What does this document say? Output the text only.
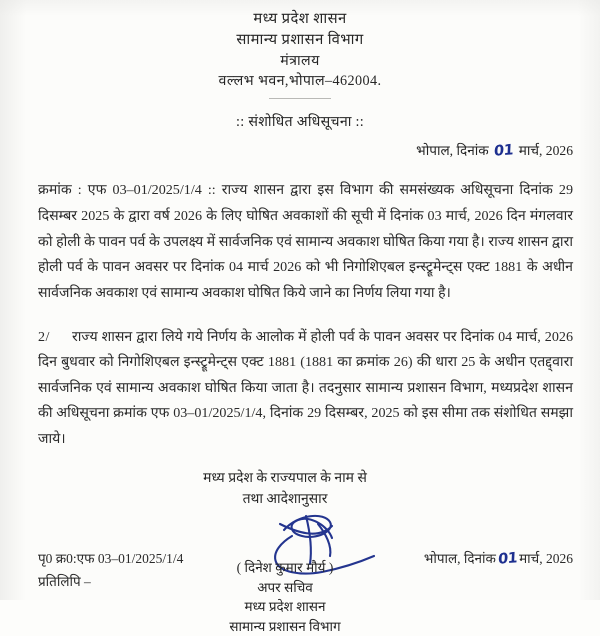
मध्य प्रदेश शासन
सामान्य प्रशासन विभाग
मंत्रालय
वल्लभ भवन,भोपाल–462004.
:: संशोधित अधिसूचना ::
भोपाल, दिनांक 01 मार्च, 2026
क्रमांक : एफ 03–01/2025/1/4 :: राज्य शासन द्वारा इस विभाग की समसंख्यक अधिसूचना दिनांक 29 दिसम्बर 2025 के द्वारा वर्ष 2026 के लिए घोषित अवकाशों की सूची में दिनांक 03 मार्च, 2026 दिन मंगलवार को होली के पावन पर्व के उपलक्ष्य में सार्वजनिक एवं सामान्य अवकाश घोषित किया गया है। राज्य शासन द्वारा होली पर्व के पावन अवसर पर दिनांक 04 मार्च 2026 को भी निगोशिएबल इन्स्ट्रूमेन्ट्स एक्ट 1881 के अधीन सार्वजनिक अवकाश एवं सामान्य अवकाश घोषित किये जाने का निर्णय लिया गया है।
2/ राज्य शासन द्वारा लिये गये निर्णय के आलोक में होली पर्व के पावन अवसर पर दिनांक 04 मार्च, 2026 दिन बुधवार को निगोशिएबल इन्स्ट्रूमेन्ट्स एक्ट 1881 (1881 का क्रमांक 26) की धारा 25 के अधीन एतद्द्वारा सार्वजनिक एवं सामान्य अवकाश घोषित किया जाता है। तदनुसार सामान्य प्रशासन विभाग, मध्यप्रदेश शासन की अधिसूचना क्रमांक एफ 03–01/2025/1/4, दिनांक 29 दिसम्बर, 2025 को इस सीमा तक संशोधित समझा जाये।
मध्य प्रदेश के राज्यपाल के नाम से
तथा आदेशानुसार
( दिनेश कुमार मौर्य )
अपर सचिव
मध्य प्रदेश शासन
सामान्य प्रशासन विभाग
पृ0 क्र0:एफ 03–01/2025/1/4	भोपाल, दिनांक 01 मार्च, 2026
प्रतिलिपि –
